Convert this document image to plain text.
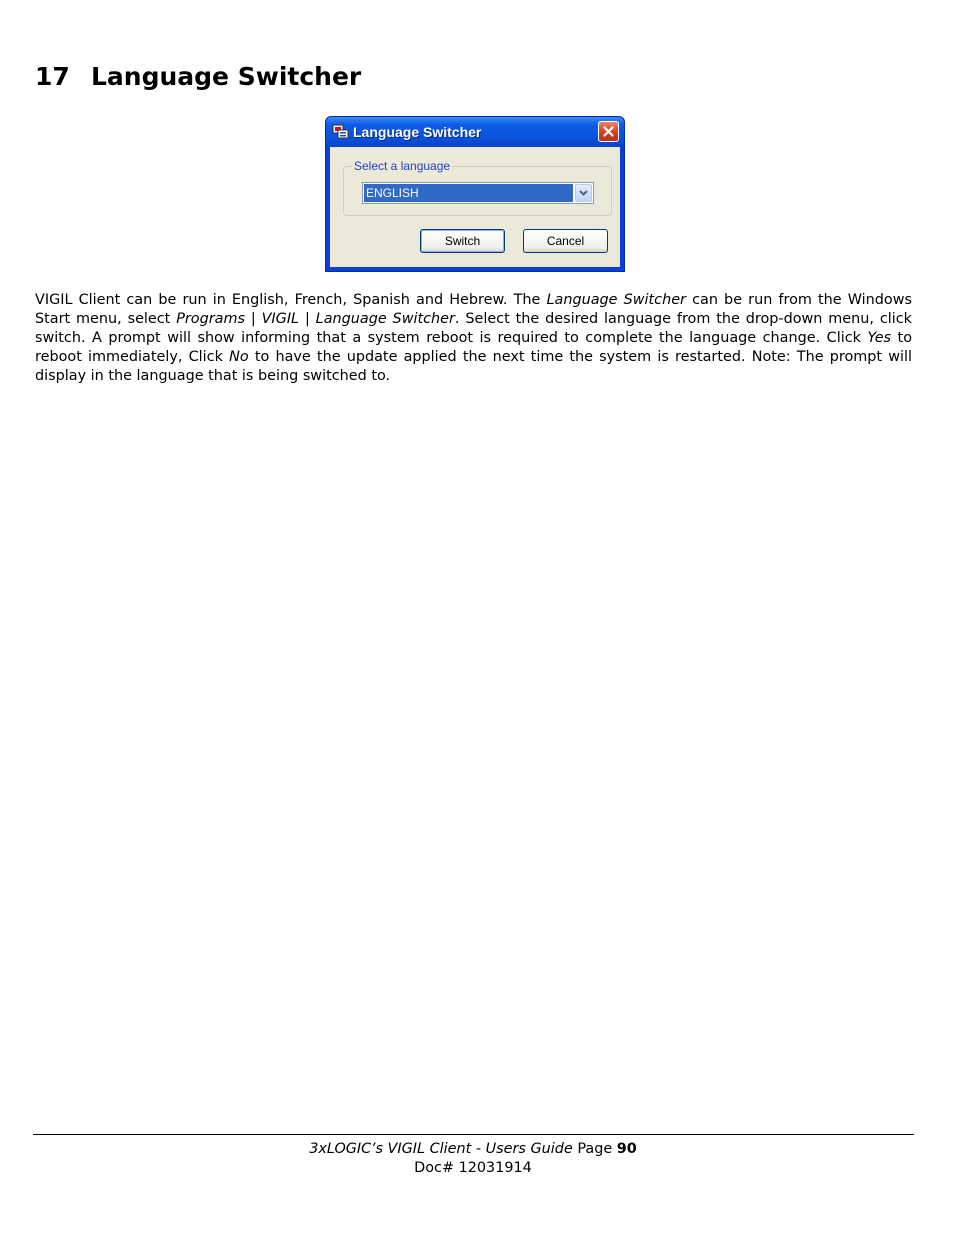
17 Language Switcher
Language Switcher
Select a language
ENGLISH
Switch	Cancel

VIGIL Client can be run in English, French, Spanish and Hebrew. The Language Switcher can be run from the Windows Start menu, select Programs | VIGIL | Language Switcher. Select the desired language from the drop-down menu, click switch. A prompt will show informing that a system reboot is required to complete the language change. Click Yes to reboot immediately, Click No to have the update applied the next time the system is restarted. Note: The prompt will display in the language that is being switched to.

3xLOGIC’s VIGIL Client - Users Guide Page 90
Doc# 12031914
